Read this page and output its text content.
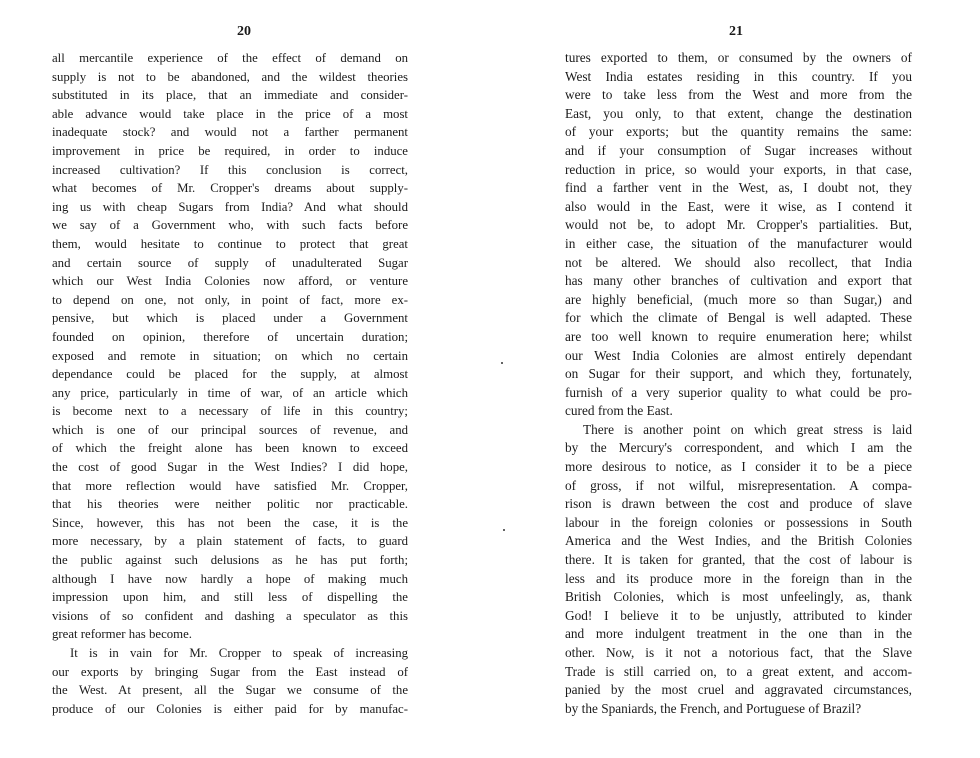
20
all mercantile experience of the effect of demand on
supply is not to be abandoned, and the wildest theories
substituted in its place, that an immediate and consider-
able advance would take place in the price of a most
inadequate stock? and would not a farther permanent
improvement in price be required, in order to induce
increased cultivation? If this conclusion is correct,
what becomes of Mr. Cropper's dreams about supply-
ing us with cheap Sugars from India? And what should
we say of a Government who, with such facts before
them, would hesitate to continue to protect that great
and certain source of supply of unadulterated Sugar
which our West India Colonies now afford, or venture
to depend on one, not only, in point of fact, more ex-
pensive, but which is placed under a Government
founded on opinion, therefore of uncertain duration;
exposed and remote in situation; on which no certain
dependance could be placed for the supply, at almost
any price, particularly in time of war, of an article which
is become next to a necessary of life in this country;
which is one of our principal sources of revenue, and
of which the freight alone has been known to exceed
the cost of good Sugar in the West Indies? I did hope,
that more reflection would have satisfied Mr. Cropper,
that his theories were neither politic nor practicable.
Since, however, this has not been the case, it is the
more necessary, by a plain statement of facts, to guard
the public against such delusions as he has put forth;
although I have now hardly a hope of making much
impression upon him, and still less of dispelling the
visions of so confident and dashing a speculator as this
great reformer has become.
It is in vain for Mr. Cropper to speak of increasing
our exports by bringing Sugar from the East instead of
the West. At present, all the Sugar we consume of the
produce of our Colonies is either paid for by manufac-
21
tures exported to them, or consumed by the owners of
West India estates residing in this country. If you
were to take less from the West and more from the
East, you only, to that extent, change the destination
of your exports; but the quantity remains the same:
and if your consumption of Sugar increases without
reduction in price, so would your exports, in that case,
find a farther vent in the West, as, I doubt not, they
also would in the East, were it wise, as I contend it
would not be, to adopt Mr. Cropper's partialities. But,
in either case, the situation of the manufacturer would
not be altered. We should also recollect, that India
has many other branches of cultivation and export that
are highly beneficial, (much more so than Sugar,) and
for which the climate of Bengal is well adapted. These
are too well known to require enumeration here; whilst
our West India Colonies are almost entirely dependant
on Sugar for their support, and which they, fortunately,
furnish of a very superior quality to what could be pro-
cured from the East.
There is another point on which great stress is laid
by the Mercury's correspondent, and which I am the
more desirous to notice, as I consider it to be a piece
of gross, if not wilful, misrepresentation. A compa-
rison is drawn between the cost and produce of slave
labour in the foreign colonies or possessions in South
America and the West Indies, and the British Colonies
there. It is taken for granted, that the cost of labour is
less and its produce more in the foreign than in the
British Colonies, which is most unfeelingly, as, thank
God! I believe it to be unjustly, attributed to kinder
and more indulgent treatment in the one than in the
other. Now, is it not a notorious fact, that the Slave
Trade is still carried on, to a great extent, and accom-
panied by the most cruel and aggravated circumstances,
by the Spaniards, the French, and Portuguese of Brazil?
